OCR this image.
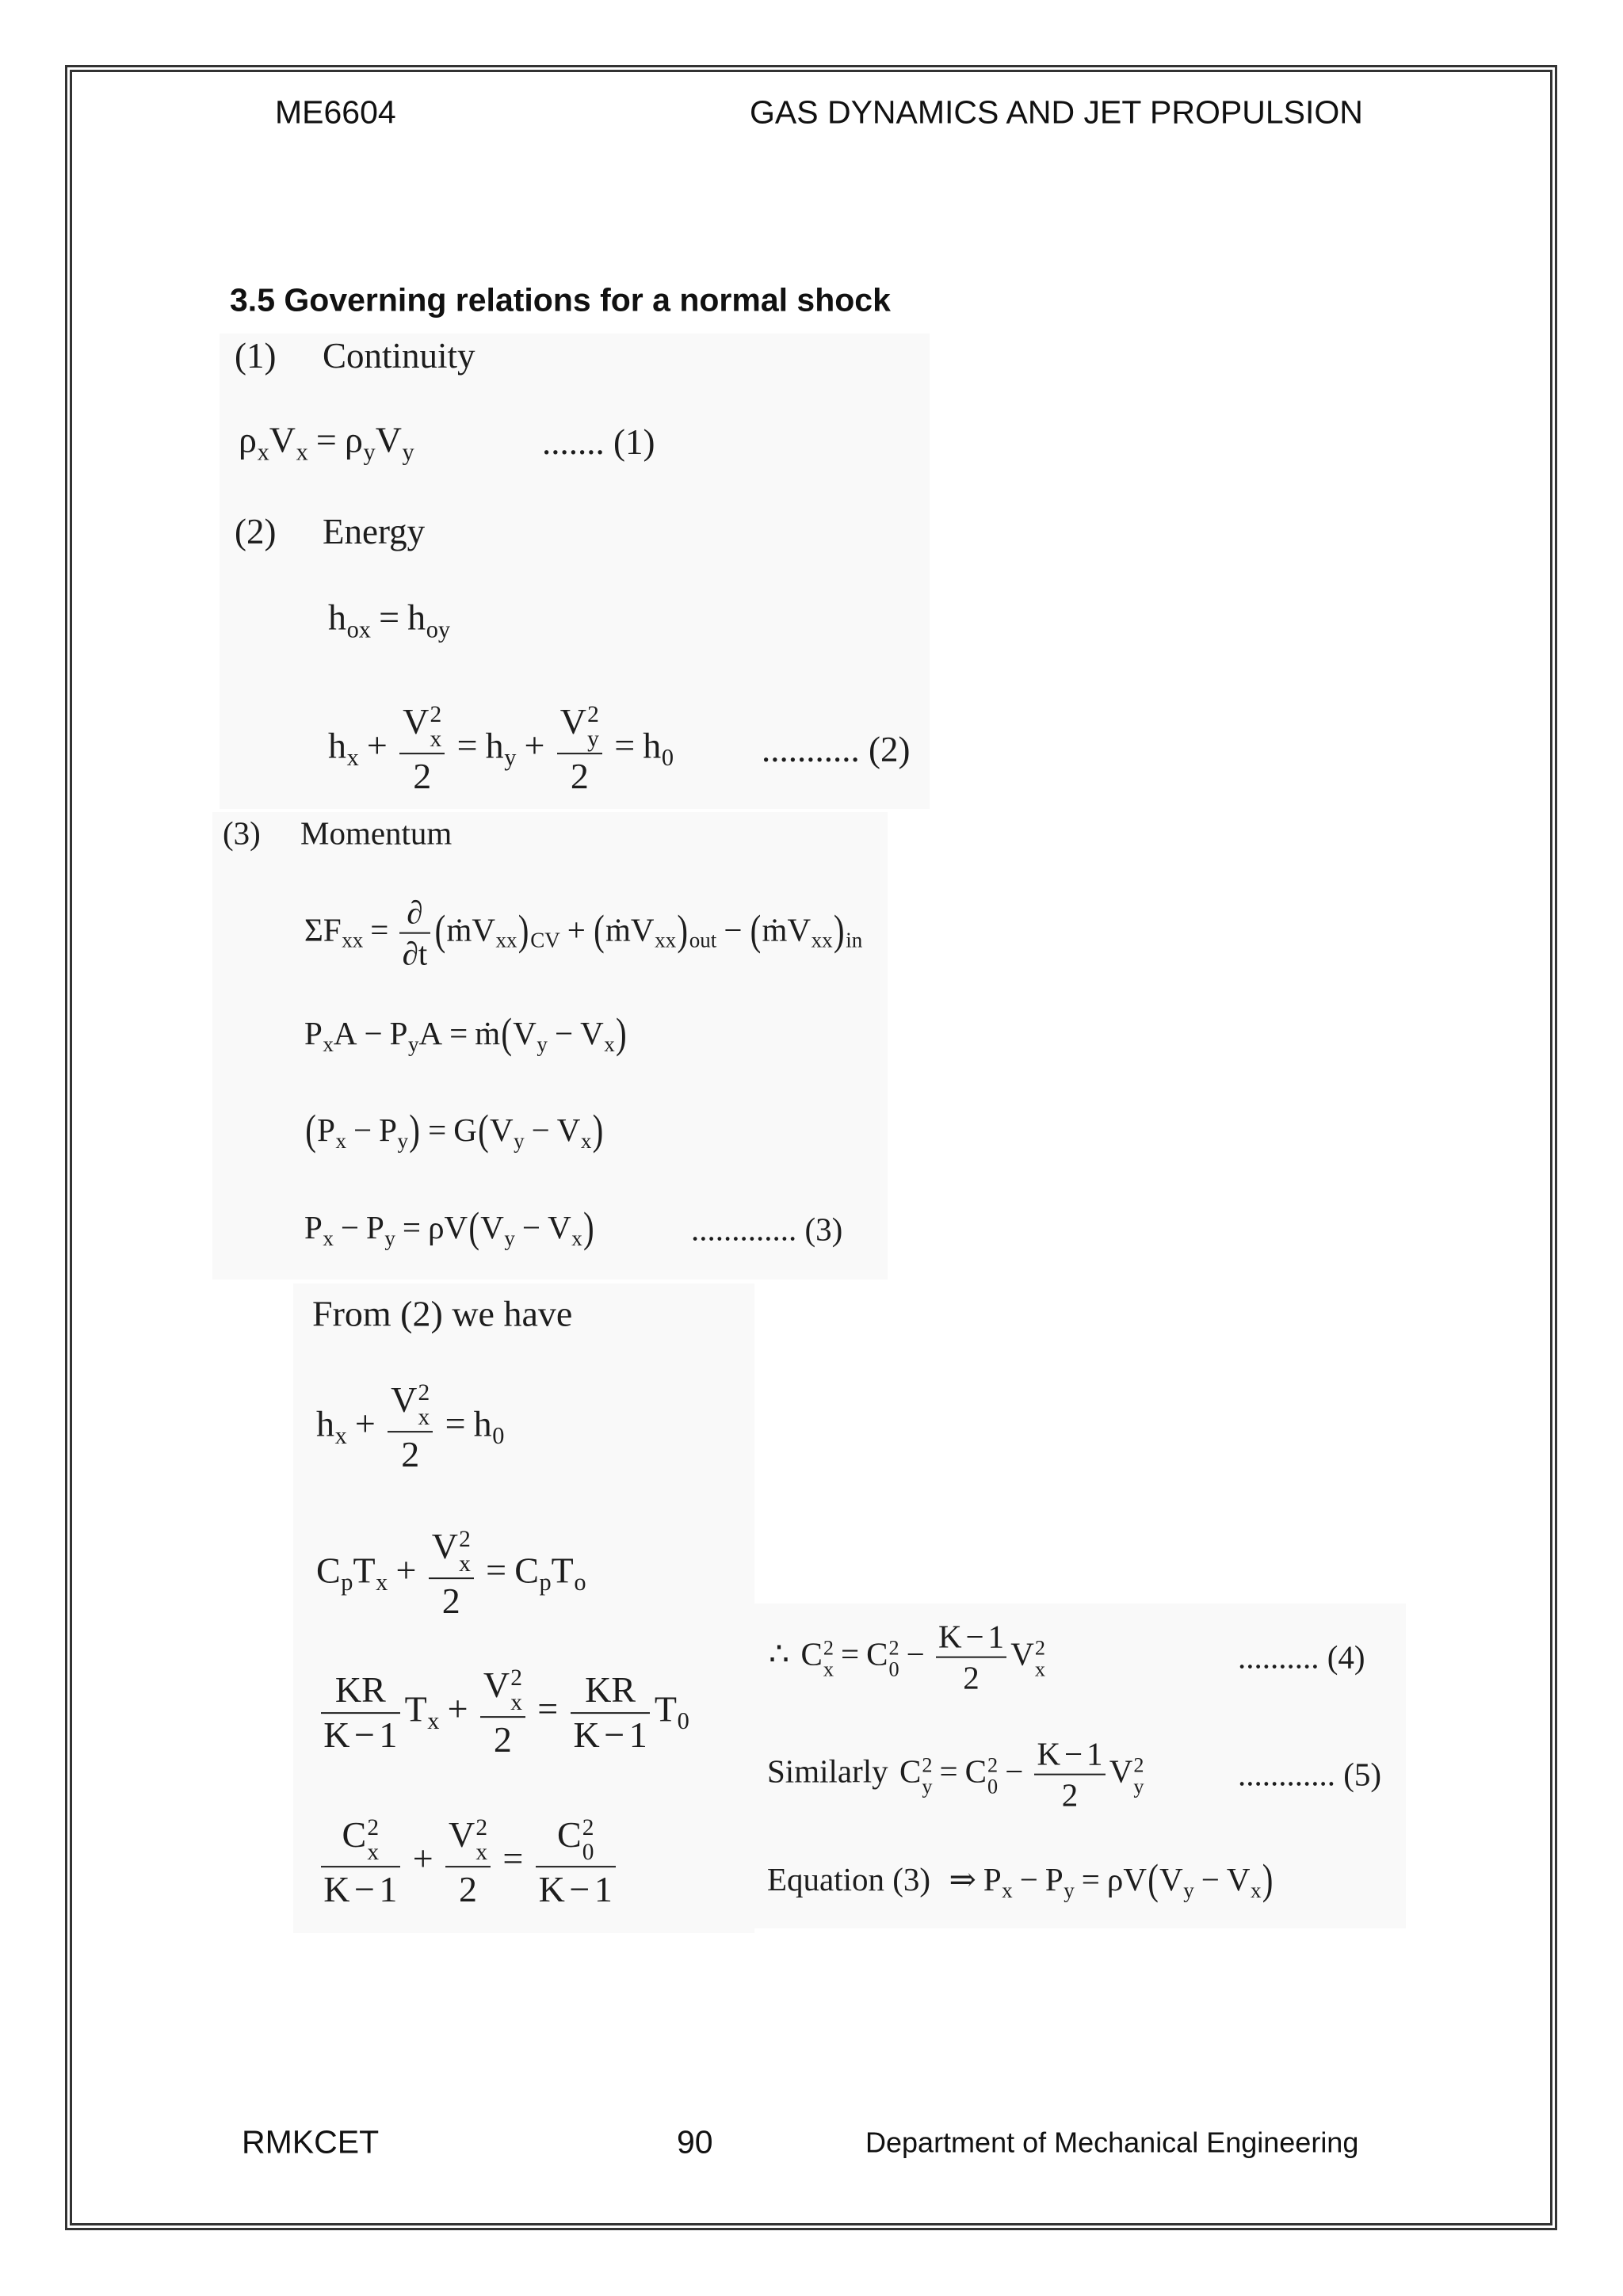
ME6604	GAS DYNAMICS AND JET PROPULSION
3.5 Governing relations for a normal shock
(1) Continuity
$\rho_xV_x = \rho_yV_y$	....... (1)
(2) Energy
$h_{ox} = h_{oy}$
$h_x + V$ 2
x
$2 = h_y + V$ 2
y
$2 = h_0$ ........... (2)
(3) Momentum
$\Sigma F_{xx} = \frac{\partial}{\partial t}$ $(ṁV_{xx})_{CV}$ + $(ṁV_{xx})_{out}$ − $(ṁV_{xx})_{in}$
$P_xA - P_yA$ = $ṁ(V_y - V_x)$
$(P_x - P_y) = G(V_y - V_x)$
$P_x - P_y = \rho V(V_y - V_x)$	............. (3)
From (2) we have
$h_x + V$ 2
x
$2 = h_0$
$C_pT_x + V$ 2
x
$2 = C_pT_o$
$\frac{KR}{K - 1} T_x + V$ 2
x
$2 = \frac{KR}{K - 1} T_0$
C 2
x
K − 1 + V 2
x
2 = C 2
0
K − 1
∴ C 2
x = C 2
$0 - \frac{K - 1}{2}$ V 2
x	.......... (4)
Similarly C 2
y = C 2
$0 - \frac{K - 1}{2}$ V 2
y	............ (5)
Equation (3) ⇒ $P_x - P_y = \rho V(V_y - V_x)$
RMKCET	90	Department of Mechanical Engineering
